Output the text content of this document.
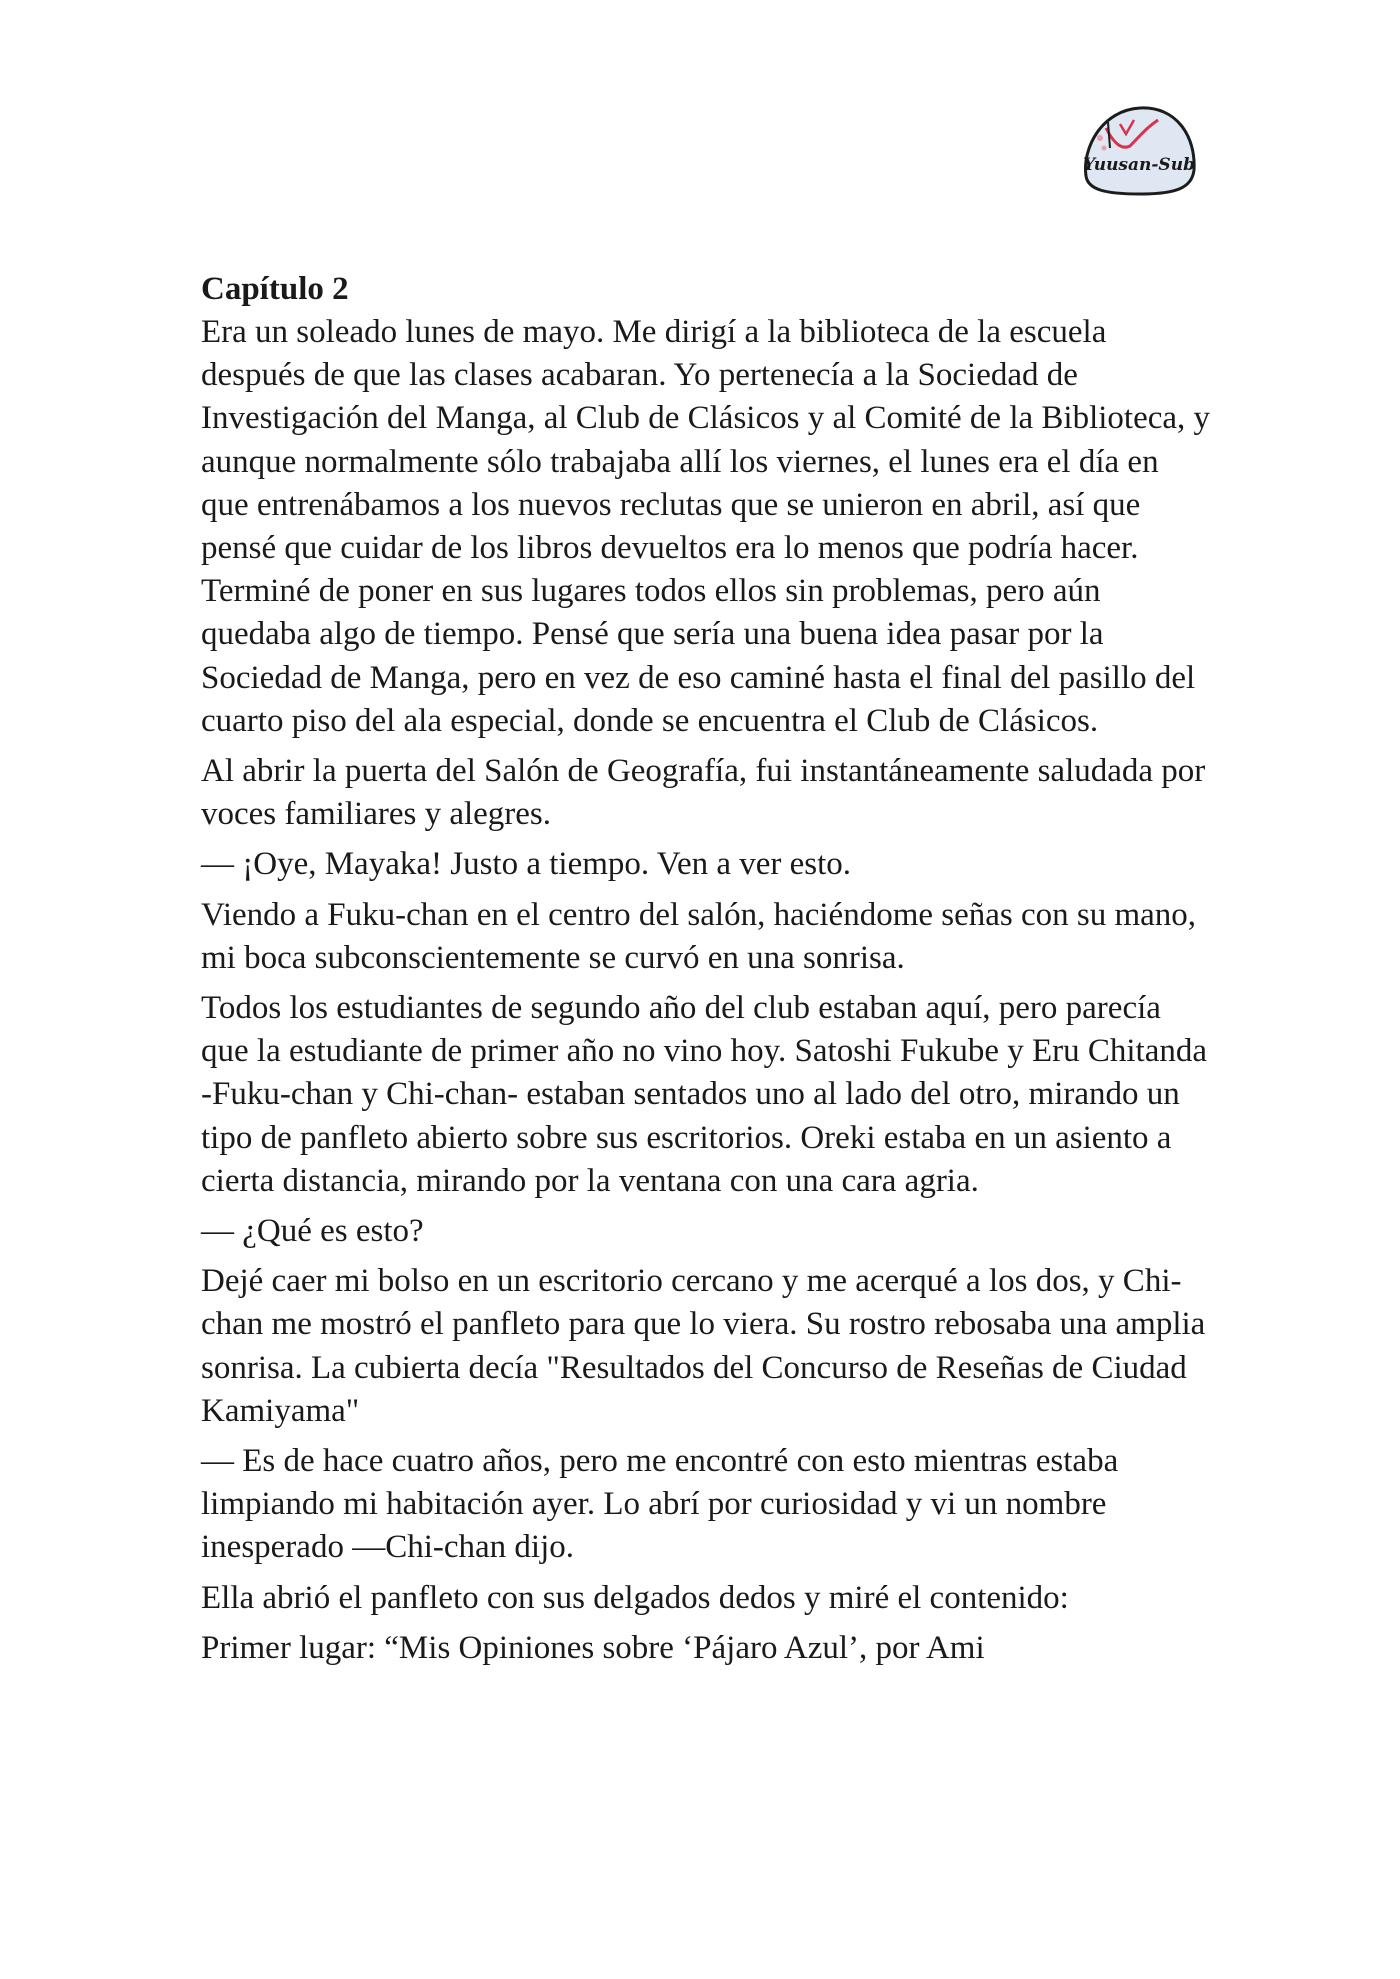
Yuusan-Sub

Capítulo 2

Era un soleado lunes de mayo. Me dirigí a la biblioteca de la escuela después de que las clases acabaran. Yo pertenecía a la Sociedad de Investigación del Manga, al Club de Clásicos y al Comité de la Biblioteca, y aunque normalmente sólo trabajaba allí los viernes, el lunes era el día en que entrenábamos a los nuevos reclutas que se unieron en abril, así que pensé que cuidar de los libros devueltos era lo menos que podría hacer. Terminé de poner en sus lugares todos ellos sin problemas, pero aún quedaba algo de tiempo. Pensé que sería una buena idea pasar por la Sociedad de Manga, pero en vez de eso caminé hasta el final del pasillo del cuarto piso del ala especial, donde se encuentra el Club de Clásicos.

Al abrir la puerta del Salón de Geografía, fui instantáneamente saludada por voces familiares y alegres.

— ¡Oye, Mayaka! Justo a tiempo. Ven a ver esto.

Viendo a Fuku-chan en el centro del salón, haciéndome señas con su mano, mi boca subconscientemente se curvó en una sonrisa.

Todos los estudiantes de segundo año del club estaban aquí, pero parecía que la estudiante de primer año no vino hoy. Satoshi Fukube y Eru Chitanda -Fuku-chan y Chi-chan- estaban sentados uno al lado del otro, mirando un tipo de panfleto abierto sobre sus escritorios. Oreki estaba en un asiento a cierta distancia, mirando por la ventana con una cara agria.

— ¿Qué es esto?

Dejé caer mi bolso en un escritorio cercano y me acerqué a los dos, y Chi-chan me mostró el panfleto para que lo viera. Su rostro rebosaba una amplia sonrisa. La cubierta decía "Resultados del Concurso de Reseñas de Ciudad Kamiyama"

— Es de hace cuatro años, pero me encontré con esto mientras estaba limpiando mi habitación ayer. Lo abrí por curiosidad y vi un nombre inesperado —Chi-chan dijo.

Ella abrió el panfleto con sus delgados dedos y miré el contenido:

Primer lugar: “Mis Opiniones sobre ‘Pájaro Azul’, por Ami
